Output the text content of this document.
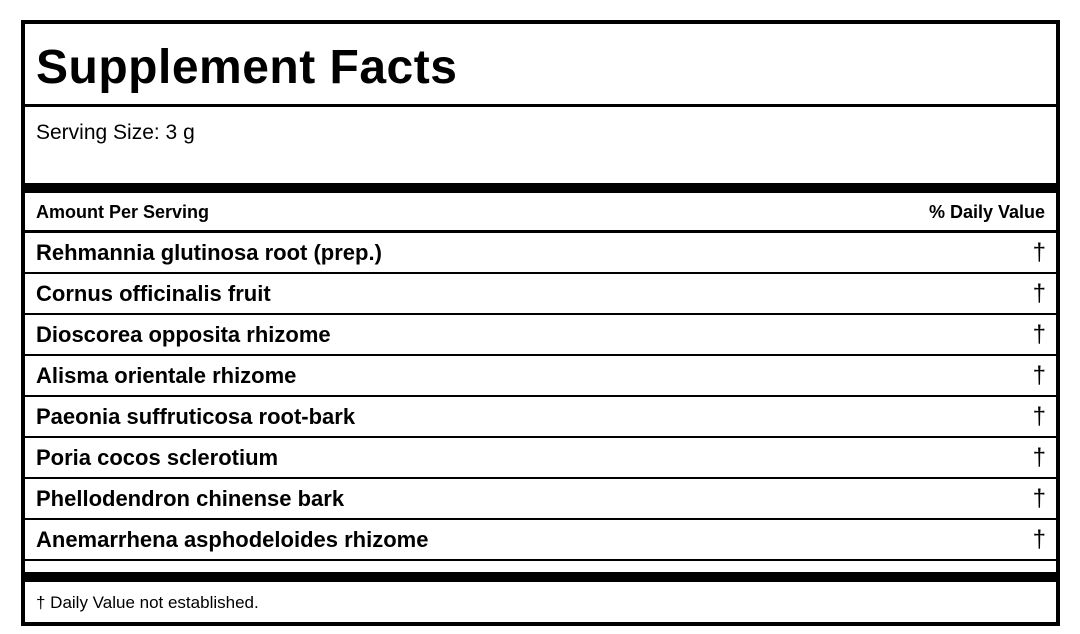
Supplement Facts
Serving Size: 3 g
Amount Per Serving	% Daily Value
Rehmannia glutinosa root (prep.)	†
Cornus officinalis fruit	†
Dioscorea opposita rhizome	†
Alisma orientale rhizome	†
Paeonia suffruticosa root-bark	†
Poria cocos sclerotium	†
Phellodendron chinense bark	†
Anemarrhena asphodeloides rhizome	†
† Daily Value not established.
